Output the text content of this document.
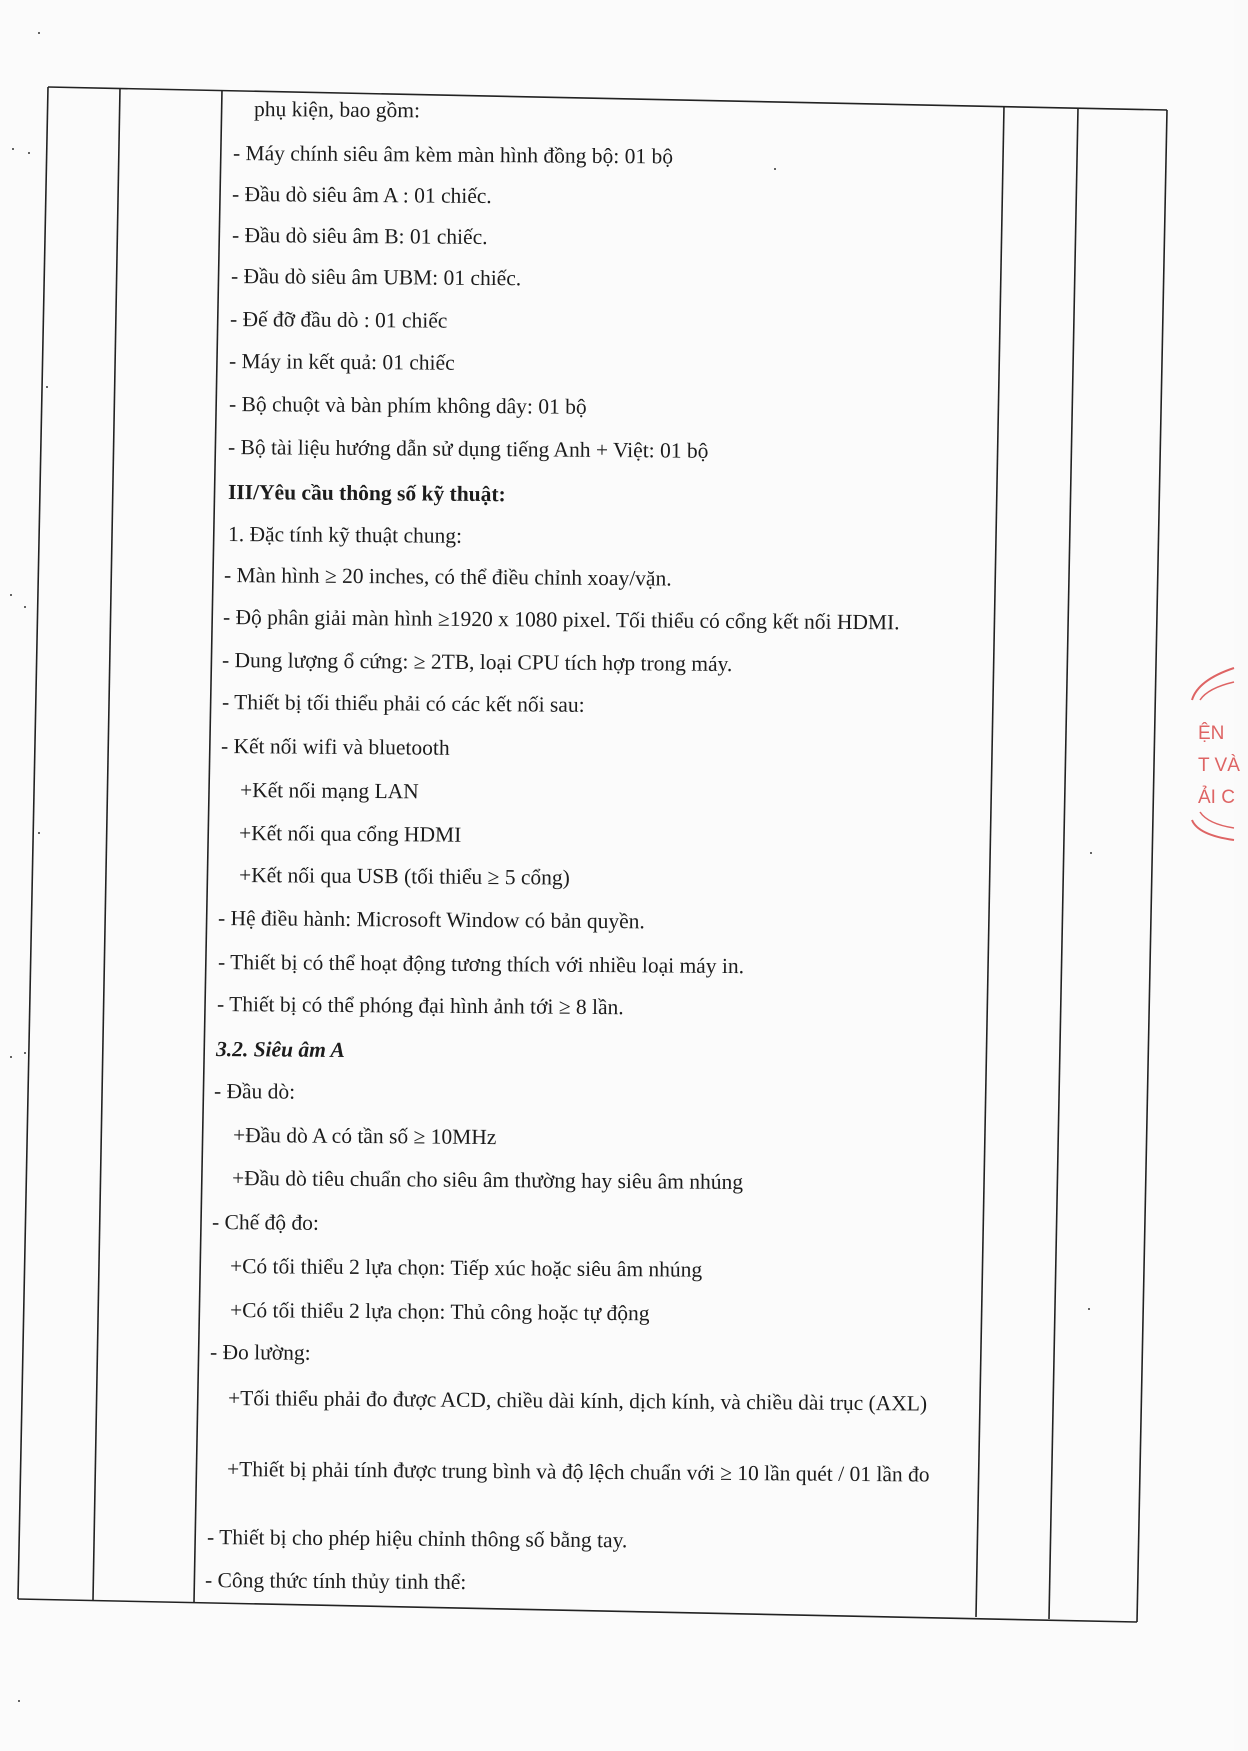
phụ kiện, bao gồm:
- Máy chính siêu âm kèm màn hình đồng bộ: 01 bộ
- Đầu dò siêu âm A : 01 chiếc.
- Đầu dò siêu âm B: 01 chiếc.
- Đầu dò siêu âm UBM: 01 chiếc.
- Đế đỡ đầu dò : 01 chiếc
- Máy in kết quả: 01 chiếc
- Bộ chuột và bàn phím không dây: 01 bộ
- Bộ tài liệu hướng dẫn sử dụng tiếng Anh + Việt: 01 bộ
III/Yêu cầu thông số kỹ thuật:
1. Đặc tính kỹ thuật chung:
- Màn hình ≥ 20 inches, có thể điều chỉnh xoay/vặn.
- Độ phân giải màn hình ≥1920 x 1080 pixel. Tối thiểu có cổng kết nối HDMI.
- Dung lượng ổ cứng: ≥ 2TB, loại CPU tích hợp trong máy.
- Thiết bị tối thiểu phải có các kết nối sau:
- Kết nối wifi và bluetooth
+Kết nối mạng LAN
+Kết nối qua cổng HDMI
+Kết nối qua USB (tối thiểu ≥ 5 cổng)
- Hệ điều hành: Microsoft Window có bản quyền.
- Thiết bị có thể hoạt động tương thích với nhiều loại máy in.
- Thiết bị có thể phóng đại hình ảnh tới ≥ 8 lần.
3.2. Siêu âm A
- Đầu dò:
+Đầu dò A có tần số ≥ 10MHz
+Đầu dò tiêu chuẩn cho siêu âm thường hay siêu âm nhúng
- Chế độ đo:
+Có tối thiểu 2 lựa chọn: Tiếp xúc hoặc siêu âm nhúng
+Có tối thiểu 2 lựa chọn: Thủ công hoặc tự động
- Đo lường:
+Tối thiểu phải đo được ACD, chiều dài kính, dịch kính, và chiều dài trục (AXL)
+Thiết bị phải tính được trung bình và độ lệch chuẩn với ≥ 10 lần quét / 01 lần đo
- Thiết bị cho phép hiệu chỉnh thông số bằng tay.
- Công thức tính thủy tinh thể:
ỆN
T VÀ
ẢI C
